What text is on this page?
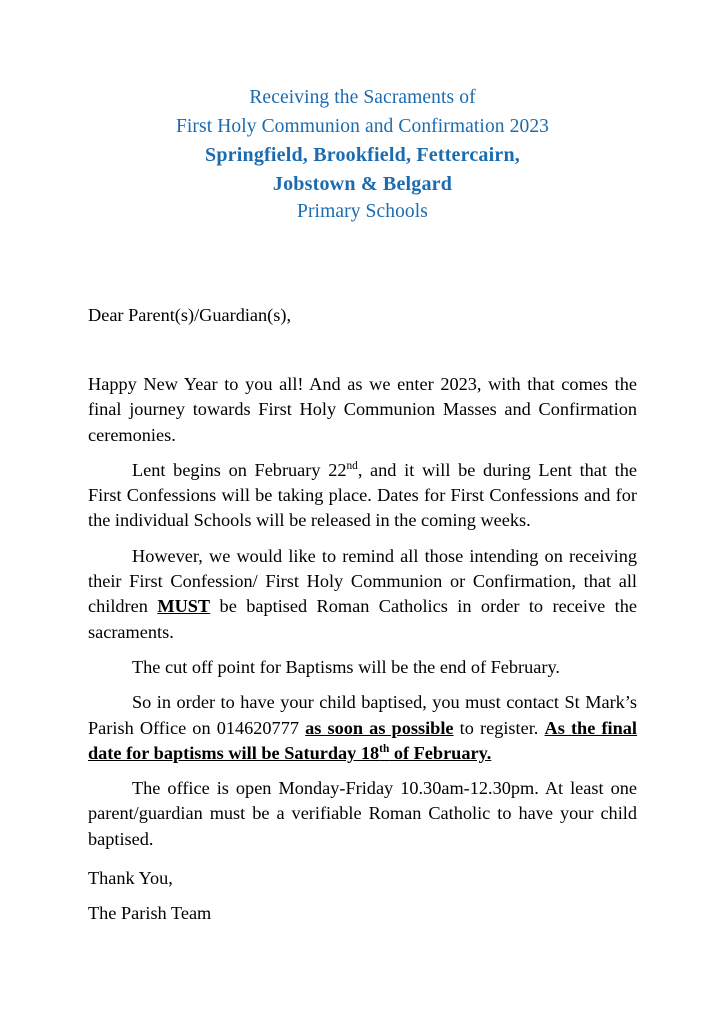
Receiving the Sacraments of
First Holy Communion and Confirmation 2023
Springfield, Brookfield, Fettercairn,
Jobstown & Belgard
Primary Schools

Dear Parent(s)/Guardian(s),

Happy New Year to you all! And as we enter 2023, with that comes the final journey towards First Holy Communion Masses and Confirmation ceremonies.

Lent begins on February 22nd, and it will be during Lent that the First Confessions will be taking place. Dates for First Confessions and for the individual Schools will be released in the coming weeks.

However, we would like to remind all those intending on receiving their First Confession/ First Holy Communion or Confirmation, that all children MUST be baptised Roman Catholics in order to receive the sacraments.

The cut off point for Baptisms will be the end of February.

So in order to have your child baptised, you must contact St Mark’s Parish Office on 014620777 as soon as possible to register. As the final date for baptisms will be Saturday 18th of February.

The office is open Monday-Friday 10.30am-12.30pm. At least one parent/guardian must be a verifiable Roman Catholic to have your child baptised.

Thank You,

The Parish Team
